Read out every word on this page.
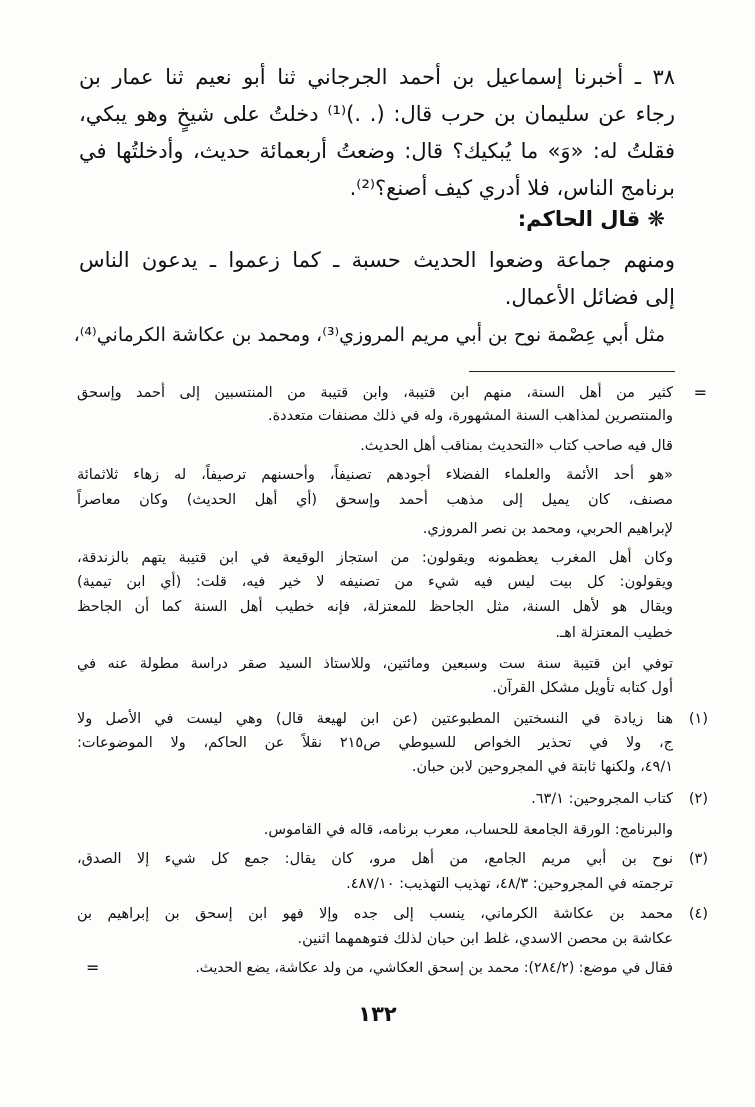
٣٨ ـ أخبرنا إسماعيل بن أحمد الجرجاني ثنا أبو نعيم ثنا عمار بن
رجاء عن سليمان بن حرب قال: (. .)⁽¹⁾ دخلتُ على شيخٍ وهو يبكي،
فقلتُ له: «وَ» ما يُبكيك؟ قال: وضعتُ أربعمائة حديث، وأدخلتُها في
برنامج الناس، فلا أدري كيف أصنع؟⁽²⁾.
❋ قال الحاكم:
ومنهم جماعة وضعوا الحديث حسبة ـ كما زعموا ـ يدعون الناس
إلى فضائل الأعمال.
مثل أبي عِصْمة نوح بن أبي مريم المروزي⁽³⁾، ومحمد بن عكاشة الكرماني⁽⁴⁾،
=
كثير من أهل السنة، منهم ابن قتيبة، وابن قتيبة من المنتسبين إلى أحمد وإسحق
والمنتصرين لمذاهب السنة المشهورة، وله في ذلك مصنفات متعددة.
قال فيه صاحب كتاب «التحديث بمناقب أهل الحديث.
«هو أحد الأئمة والعلماء الفضلاء أجودهم تصنيفاً، وأحسنهم ترصيفاً، له زهاء ثلاثمائة
مصنف، كان يميل إلى مذهب أحمد وإسحق (أي أهل الحديث) وكان معاصراً
لإبراهيم الحربي، ومحمد بن نصر المروزي.
وكان أهل المغرب يعظمونه ويقولون: من استجاز الوقيعة في ابن قتيبة يتهم بالزندقة،
ويقولون: كل بيت ليس فيه شيء من تصنيفه لا خير فيه، قلت: (أي ابن تيمية)
ويقال هو لأهل السنة، مثل الجاحظ للمعتزلة، فإنه خطيب أهل السنة كما أن الجاحظ
خطيب المعتزلة اهـ.
توفي ابن قتيبة سنة ست وسبعين ومائتين، وللاستاذ السيد صقر دراسة مطولة عنه في
أول كتابه تأويل مشكل القرآن.
(١)
هنا زيادة في النسختين المطبوعتين (عن ابن لهيعة قال) وهي ليست في الأصل ولا
ج، ولا في تحذير الخواص للسيوطي ص٢١٥ نقلاً عن الحاكم، ولا الموضوعات:
٤٩/١، ولكنها ثابتة في المجروحين لابن حبان.
(٢)
كتاب المجروحين: ٦٣/١.
والبرنامج: الورقة الجامعة للحساب، معرب برنامه، قاله في القاموس.
(٣)
نوح بن أبي مريم الجامع، من أهل مرو، كان يقال: جمع كل شيء إلا الصدق،
ترجمته في المجروحين: ٤٨/٣، تهذيب التهذيب: ٤٨٧/١٠.
(٤)
محمد بن عكاشة الكرماني، ينسب إلى جده وإلا فهو ابن إسحق بن إبراهيم بن
عكاشة بن محصن الاسدي، غلط ابن حبان لذلك فتوهمهما اثنين.
فقال في موضع: (٢٨٤/٢): محمد بن إسحق العكاشي، من ولد عكاشة، يضع الحديث.
=
١٣٢
